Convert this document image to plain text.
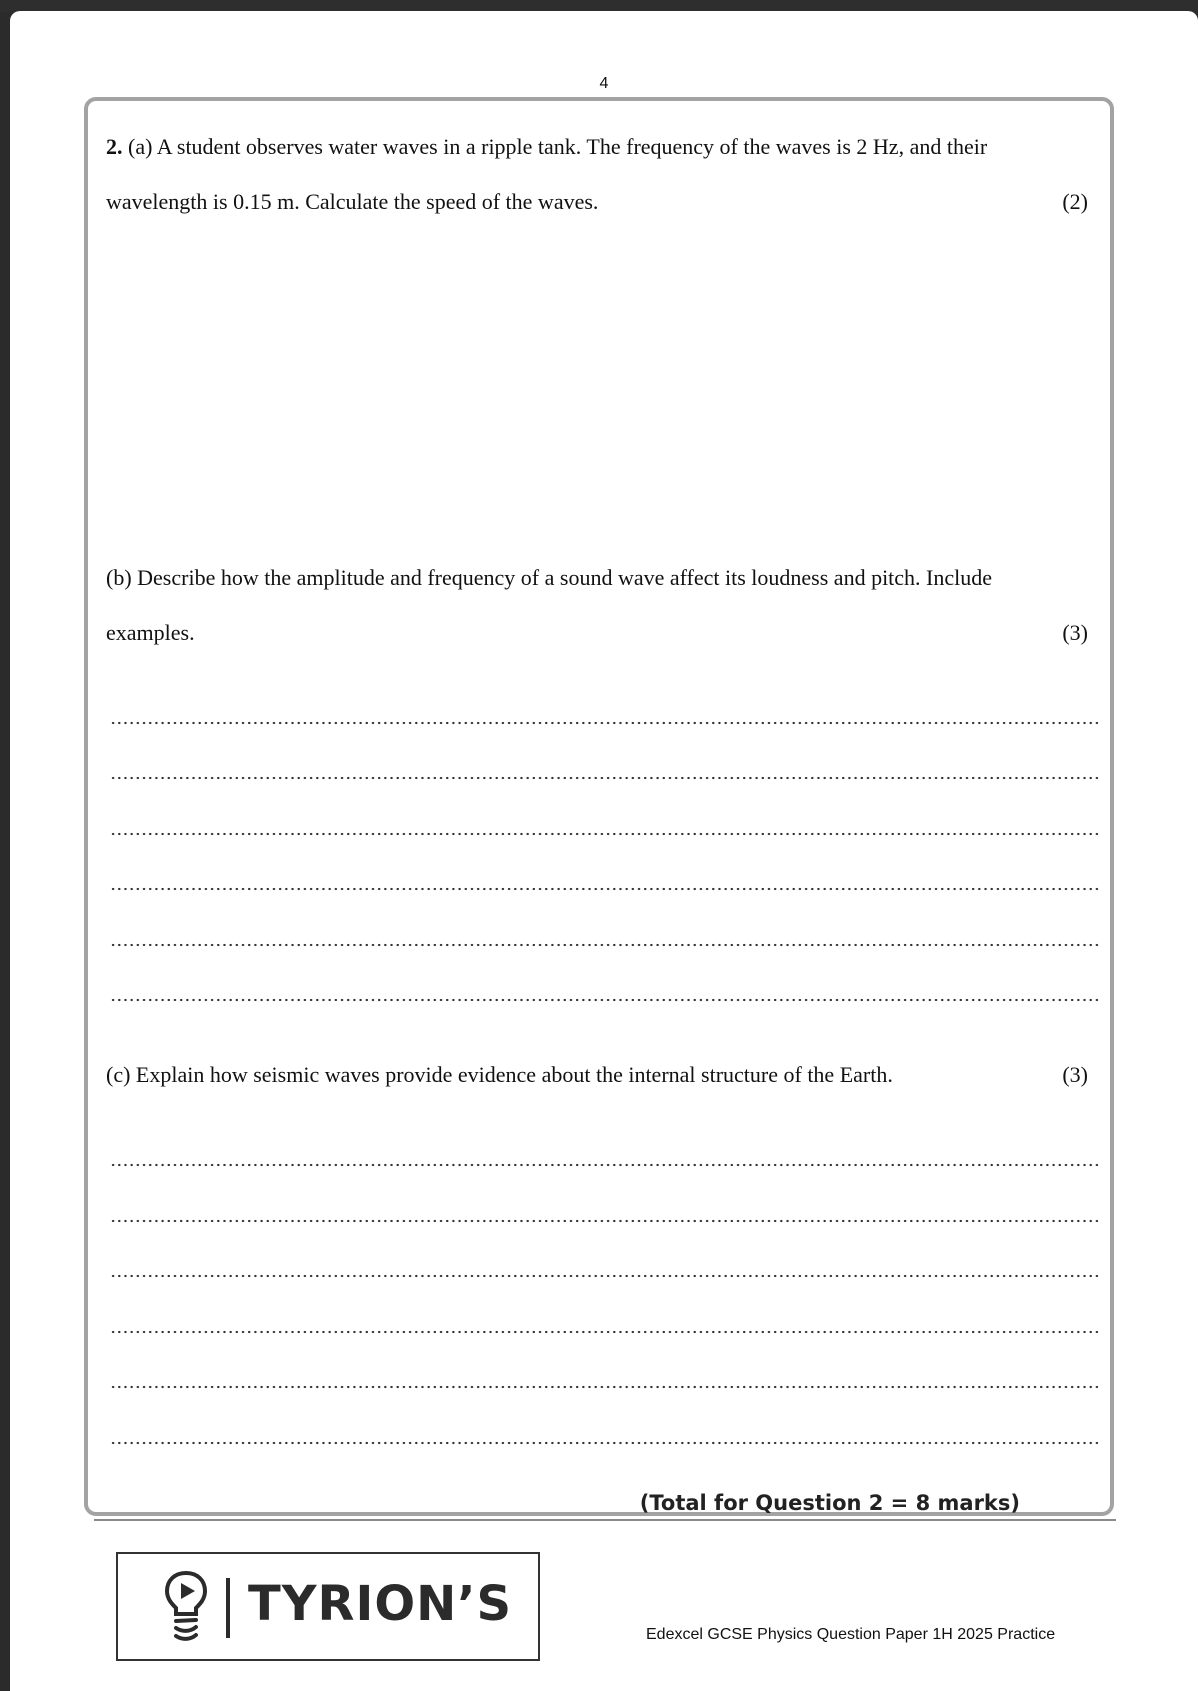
4
2. (a) A student observes water waves in a ripple tank. The frequency of the waves is 2 Hz, and their
wavelength is 0.15 m. Calculate the speed of the waves.	(2)
(b) Describe how the amplitude and frequency of a sound wave affect its loudness and pitch. Include
examples.	(3)
(c) Explain how seismic waves provide evidence about the internal structure of the Earth.	(3)
(Total for Question 2 = 8 marks)
TYRION’S
Edexcel GCSE Physics Question Paper 1H 2025 Practice
